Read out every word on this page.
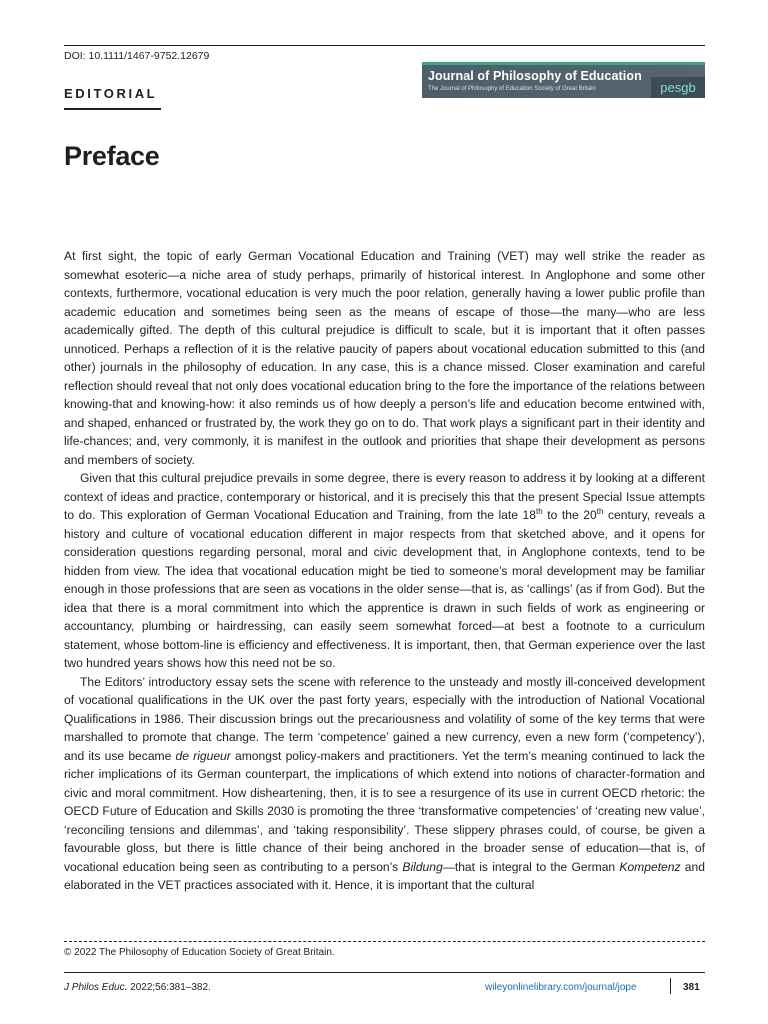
DOI: 10.1111/1467-9752.12679
Journal of Philosophy of Education
The Journal of Philosophy of Education Society of Great Britain	pesgb
EDITORIAL
Preface

At first sight, the topic of early German Vocational Education and Training (VET) may well strike the reader as somewhat esoteric—a niche area of study perhaps, primarily of historical interest. In Anglophone and some other contexts, furthermore, vocational education is very much the poor relation, generally having a lower public profile than academic education and sometimes being seen as the means of escape of those—the many—who are less academically gifted. The depth of this cultural prejudice is difficult to scale, but it is important that it often passes unnoticed. Perhaps a reflection of it is the relative paucity of papers about vocational education submitted to this (and other) journals in the philosophy of education. In any case, this is a chance missed. Closer examination and careful reflection should reveal that not only does vocational education bring to the fore the importance of the relations between knowing-that and knowing-how: it also reminds us of how deeply a person’s life and education become entwined with, and shaped, enhanced or frustrated by, the work they go on to do. That work plays a significant part in their identity and life-chances; and, very commonly, it is manifest in the outlook and priorities that shape their development as persons and members of society.

Given that this cultural prejudice prevails in some degree, there is every reason to address it by looking at a different context of ideas and practice, contemporary or historical, and it is precisely this that the present Special Issue attempts to do. This exploration of German Vocational Education and Training, from the late 18th to the 20th century, reveals a history and culture of vocational education different in major respects from that sketched above, and it opens for consideration questions regarding personal, moral and civic development that, in Anglophone contexts, tend to be hidden from view. The idea that vocational education might be tied to someone’s moral development may be familiar enough in those professions that are seen as vocations in the older sense—that is, as ‘callings’ (as if from God). But the idea that there is a moral commitment into which the apprentice is drawn in such fields of work as engineering or accountancy, plumbing or hairdressing, can easily seem somewhat forced—at best a footnote to a curriculum statement, whose bottom-line is efficiency and effectiveness. It is important, then, that German experience over the last two hundred years shows how this need not be so.

The Editors’ introductory essay sets the scene with reference to the unsteady and mostly ill-conceived development of vocational qualifications in the UK over the past forty years, especially with the introduction of National Vocational Qualifications in 1986. Their discussion brings out the precariousness and volatility of some of the key terms that were marshalled to promote that change. The term ‘competence’ gained a new currency, even a new form (‘competency’), and its use became de rigueur amongst policy-makers and practitioners. Yet the term’s meaning continued to lack the richer implications of its German counterpart, the implications of which extend into notions of character-formation and civic and moral commitment. How disheartening, then, it is to see a resurgence of its use in current OECD rhetoric: the OECD Future of Education and Skills 2030 is promoting the three ‘transformative competencies’ of ‘creating new value’, ‘reconciling tensions and dilemmas’, and ‘taking responsibility’. These slippery phrases could, of course, be given a favourable gloss, but there is little chance of their being anchored in the broader sense of education—that is, of vocational education being seen as contributing to a person’s Bildung—that is integral to the German Kompetenz and elaborated in the VET practices associated with it. Hence, it is important that the cultural

© 2022 The Philosophy of Education Society of Great Britain.
J Philos Educ. 2022;56:381–382.	wileyonlinelibrary.com/journal/jope	381
